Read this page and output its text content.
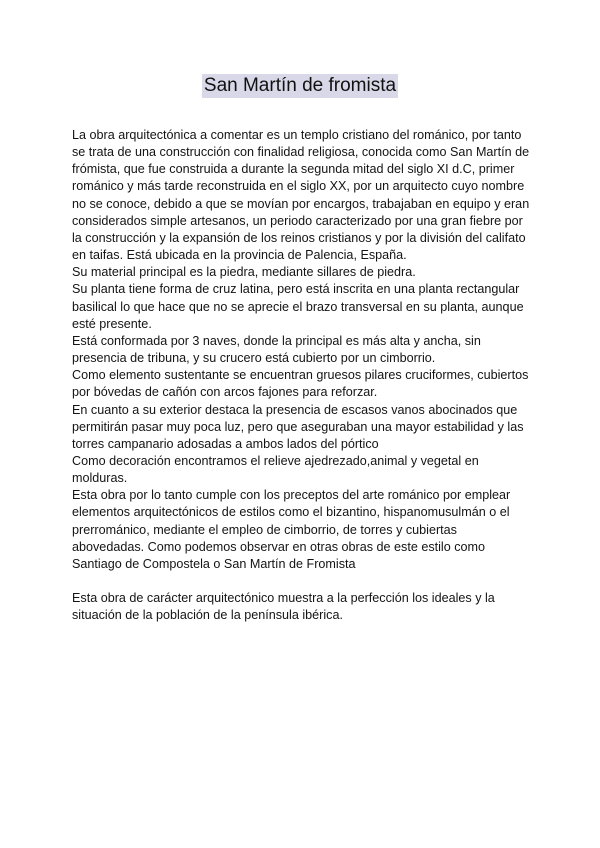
San Martín de fromista

La obra arquitectónica a comentar es un templo cristiano del románico, por tanto se trata de una construcción con finalidad religiosa, conocida como San Martín de frómista, que fue construida a durante la segunda mitad del siglo XI d.C, primer románico y más tarde reconstruida en el siglo XX, por un arquitecto cuyo nombre no se conoce, debido a que se movían por encargos, trabajaban en equipo y eran considerados simple artesanos, un periodo caracterizado por una gran fiebre por la construcción y la expansión de los reinos cristianos y por la división del califato en taifas. Está ubicada en la provincia de Palencia, España.

Su material principal es la piedra, mediante sillares de piedra.

Su planta tiene forma de cruz latina, pero está inscrita en una planta rectangular basilical lo que hace que no se aprecie el brazo transversal en su planta, aunque esté presente.

Está conformada por 3 naves, donde la principal es más alta y ancha, sin presencia de tribuna, y su crucero está cubierto por un cimborrio.

Como elemento sustentante se encuentran gruesos pilares cruciformes, cubiertos por bóvedas de cañón con arcos fajones para reforzar.

En cuanto a su exterior destaca la presencia de escasos vanos abocinados que permitirán pasar muy poca luz, pero que aseguraban una mayor estabilidad y las torres campanario adosadas a ambos lados del pórtico

Como decoración encontramos el relieve ajedrezado,animal y vegetal en molduras.

Esta obra por lo tanto cumple con los preceptos del arte románico por emplear elementos arquitectónicos de estilos como el bizantino, hispanomusulmán o el prerrománico, mediante el empleo de cimborrio, de torres y cubiertas abovedadas. Como podemos observar en otras obras de este estilo como Santiago de Compostela o San Martín de Fromista

Esta obra de carácter arquitectónico muestra a la perfección los ideales y la situación de la población de la península ibérica.
